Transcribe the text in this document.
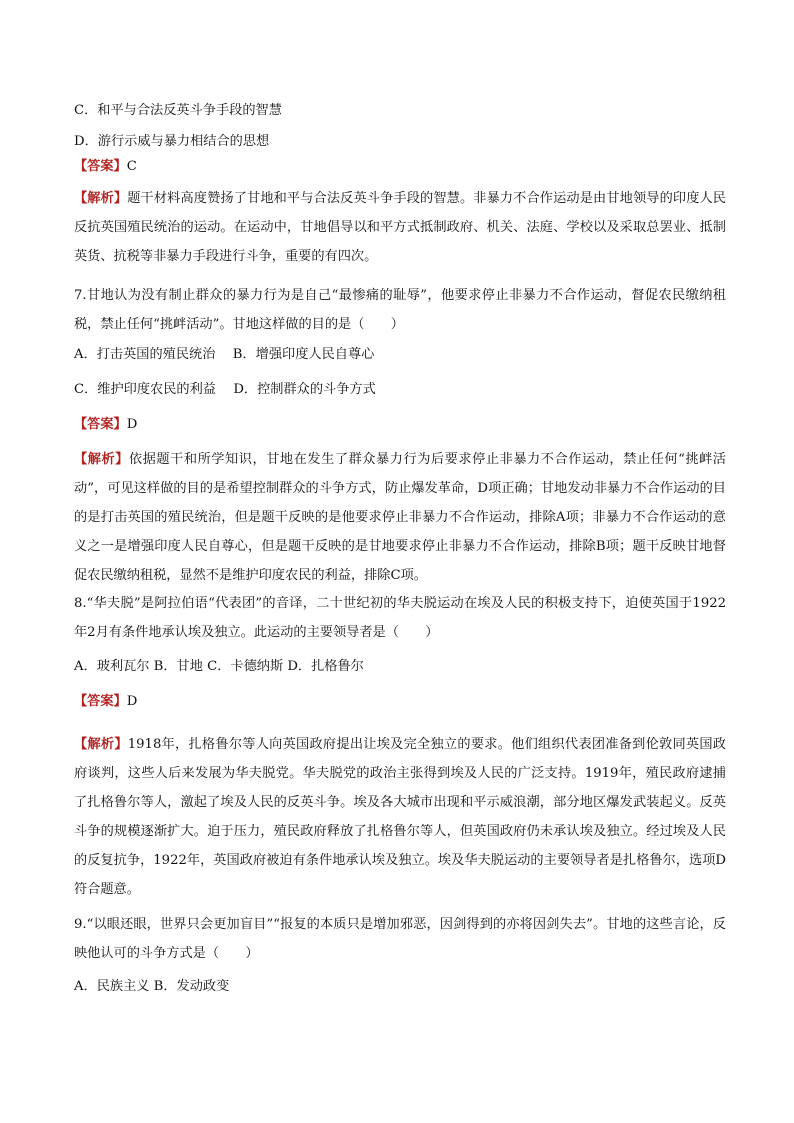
C．和平与合法反英斗争手段的智慧
D．游行示威与暴力相结合的思想
【答案】C
【解析】题干材料高度赞扬了甘地和平与合法反英斗争手段的智慧。非暴力不合作运动是由甘地领导的印度人民反抗英国殖民统治的运动。在运动中，甘地倡导以和平方式抵制政府、机关、法庭、学校以及采取总罢业、抵制英货、抗税等非暴力手段进行斗争，重要的有四次。
7.甘地认为没有制止群众的暴力行为是自己“最惨痛的耻辱”，他要求停止非暴力不合作运动，督促农民缴纳租税，禁止任何“挑衅活动”。甘地这样做的目的是（　　）
A．打击英国的殖民统治　 B．增强印度人民自尊心
C．维护印度农民的利益　 D．控制群众的斗争方式
【答案】D
【解析】依据题干和所学知识，甘地在发生了群众暴力行为后要求停止非暴力不合作运动，禁止任何“挑衅活动”，可见这样做的目的是希望控制群众的斗争方式，防止爆发革命，D项正确；甘地发动非暴力不合作运动的目的是打击英国的殖民统治，但是题干反映的是他要求停止非暴力不合作运动，排除A项；非暴力不合作运动的意义之一是增强印度人民自尊心，但是题干反映的是甘地要求停止非暴力不合作运动，排除B项；题干反映甘地督促农民缴纳租税，显然不是维护印度农民的利益，排除C项。
8.“华夫脱”是阿拉伯语“代表团”的音译，二十世纪初的华夫脱运动在埃及人民的积极支持下，迫使英国于1922年2月有条件地承认埃及独立。此运动的主要领导者是（　　）
A．玻利瓦尔 B．甘地 C．卡德纳斯 D．扎格鲁尔
【答案】D
【解析】1918年，扎格鲁尔等人向英国政府提出让埃及完全独立的要求。他们组织代表团准备到伦敦同英国政府谈判，这些人后来发展为华夫脱党。华夫脱党的政治主张得到埃及人民的广泛支持。1919年，殖民政府逮捕了扎格鲁尔等人，激起了埃及人民的反英斗争。埃及各大城市出现和平示威浪潮，部分地区爆发武装起义。反英斗争的规模逐渐扩大。迫于压力，殖民政府释放了扎格鲁尔等人，但英国政府仍未承认埃及独立。经过埃及人民的反复抗争，1922年，英国政府被迫有条件地承认埃及独立。埃及华夫脱运动的主要领导者是扎格鲁尔，选项D符合题意。
9.“以眼还眼，世界只会更加盲目”“报复的本质只是增加邪恶，因剑得到的亦将因剑失去”。甘地的这些言论，反映他认可的斗争方式是（　　）
A．民族主义 B．发动政变
